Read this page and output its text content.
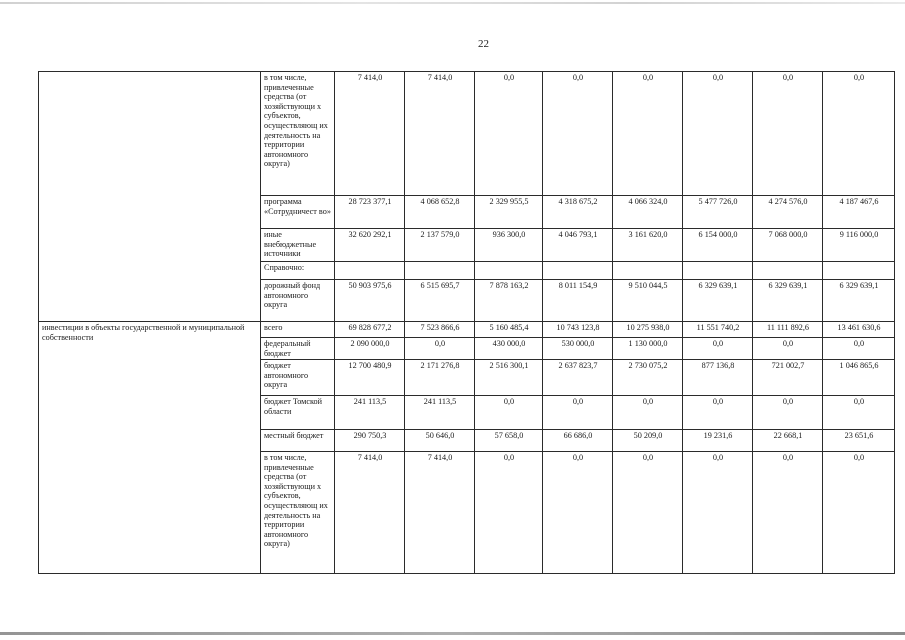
22
	в том числе, привлеченные средства (от хозяйствующи х субъектов, осуществляющ их деятельность на территории автономного округа)	7 414,0	7 414,0	0,0	0,0	0,0	0,0	0,0	0,0
	программа «Сотрудничест во»	28 723 377,1	4 068 652,8	2 329 955,5	4 318 675,2	4 066 324,0	5 477 726,0	4 274 576,0	4 187 467,6
	иные внебюджетные источники	32 620 292,1	2 137 579,0	936 300,0	4 046 793,1	3 161 620,0	6 154 000,0	7 068 000,0	9 116 000,0
	Справочно:								
	дорожный фонд автономного округа	50 903 975,6	6 515 695,7	7 878 163,2	8 011 154,9	9 510 044,5	6 329 639,1	6 329 639,1	6 329 639,1
инвестиции в объекты государственной и муниципальной собственности	всего	69 828 677,2	7 523 866,6	5 160 485,4	10 743 123,8	10 275 938,0	11 551 740,2	11 111 892,6	13 461 630,6
	федеральный бюджет	2 090 000,0	0,0	430 000,0	530 000,0	1 130 000,0	0,0	0,0	0,0
	бюджет автономного округа	12 700 480,9	2 171 276,8	2 516 300,1	2 637 823,7	2 730 075,2	877 136,8	721 002,7	1 046 865,6
	бюджет Томской области	241 113,5	241 113,5	0,0	0,0	0,0	0,0	0,0	0,0
	местный бюджет	290 750,3	50 646,0	57 658,0	66 686,0	50 209,0	19 231,6	22 668,1	23 651,6
	в том числе, привлеченные средства (от хозяйствующи х субъектов, осуществляющ их деятельность на территории автономного округа)	7 414,0	7 414,0	0,0	0,0	0,0	0,0	0,0	0,0
